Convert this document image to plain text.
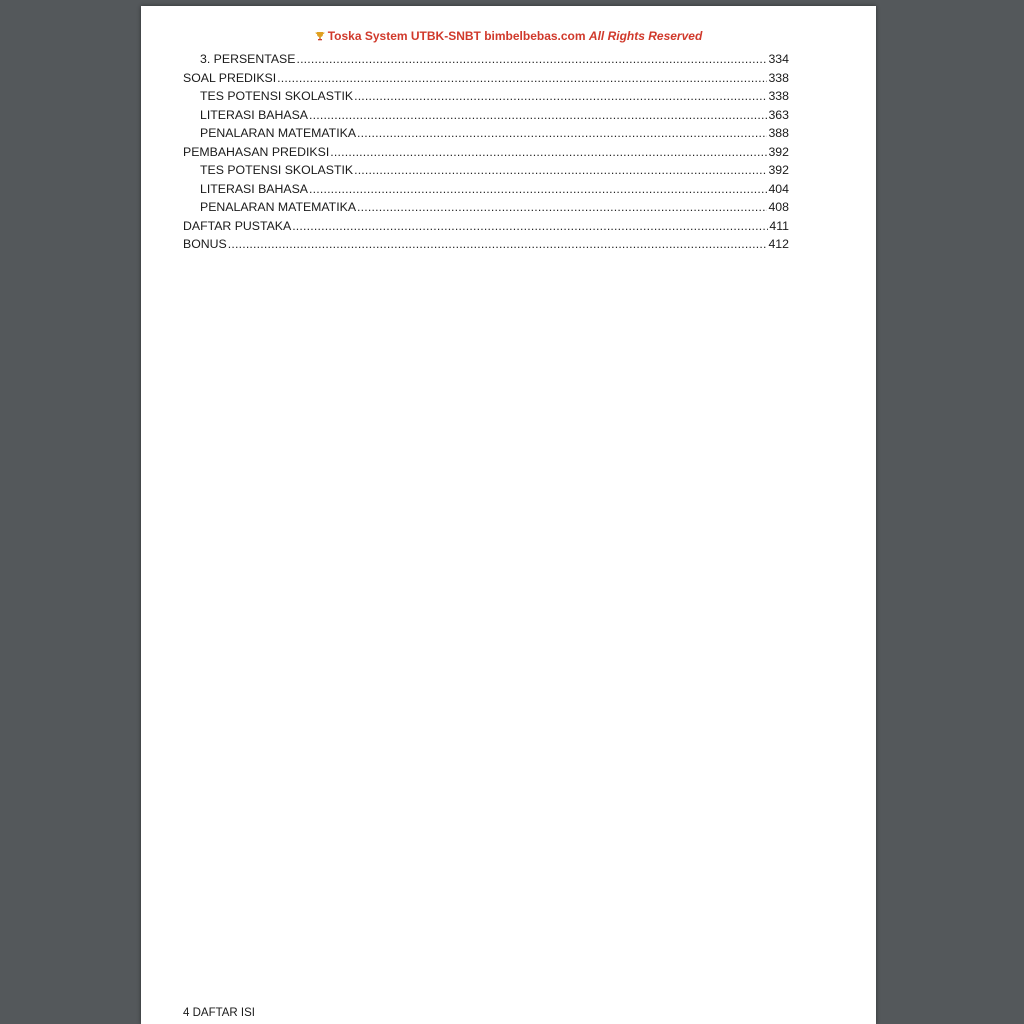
Toska System UTBK-SNBT bimbelbebas.com All Rights Reserved
3. PERSENTASE .....	334
SOAL PREDIKSI .....	338
TES POTENSI SKOLASTIK .....	338
LITERASI BAHASA .....	363
PENALARAN MATEMATIKA .....	388
PEMBAHASAN PREDIKSI .....	392
TES POTENSI SKOLASTIK .....	392
LITERASI BAHASA .....	404
PENALARAN MATEMATIKA .....	408
DAFTAR PUSTAKA .....	411
BONUS .....	412
4 DAFTAR ISI
